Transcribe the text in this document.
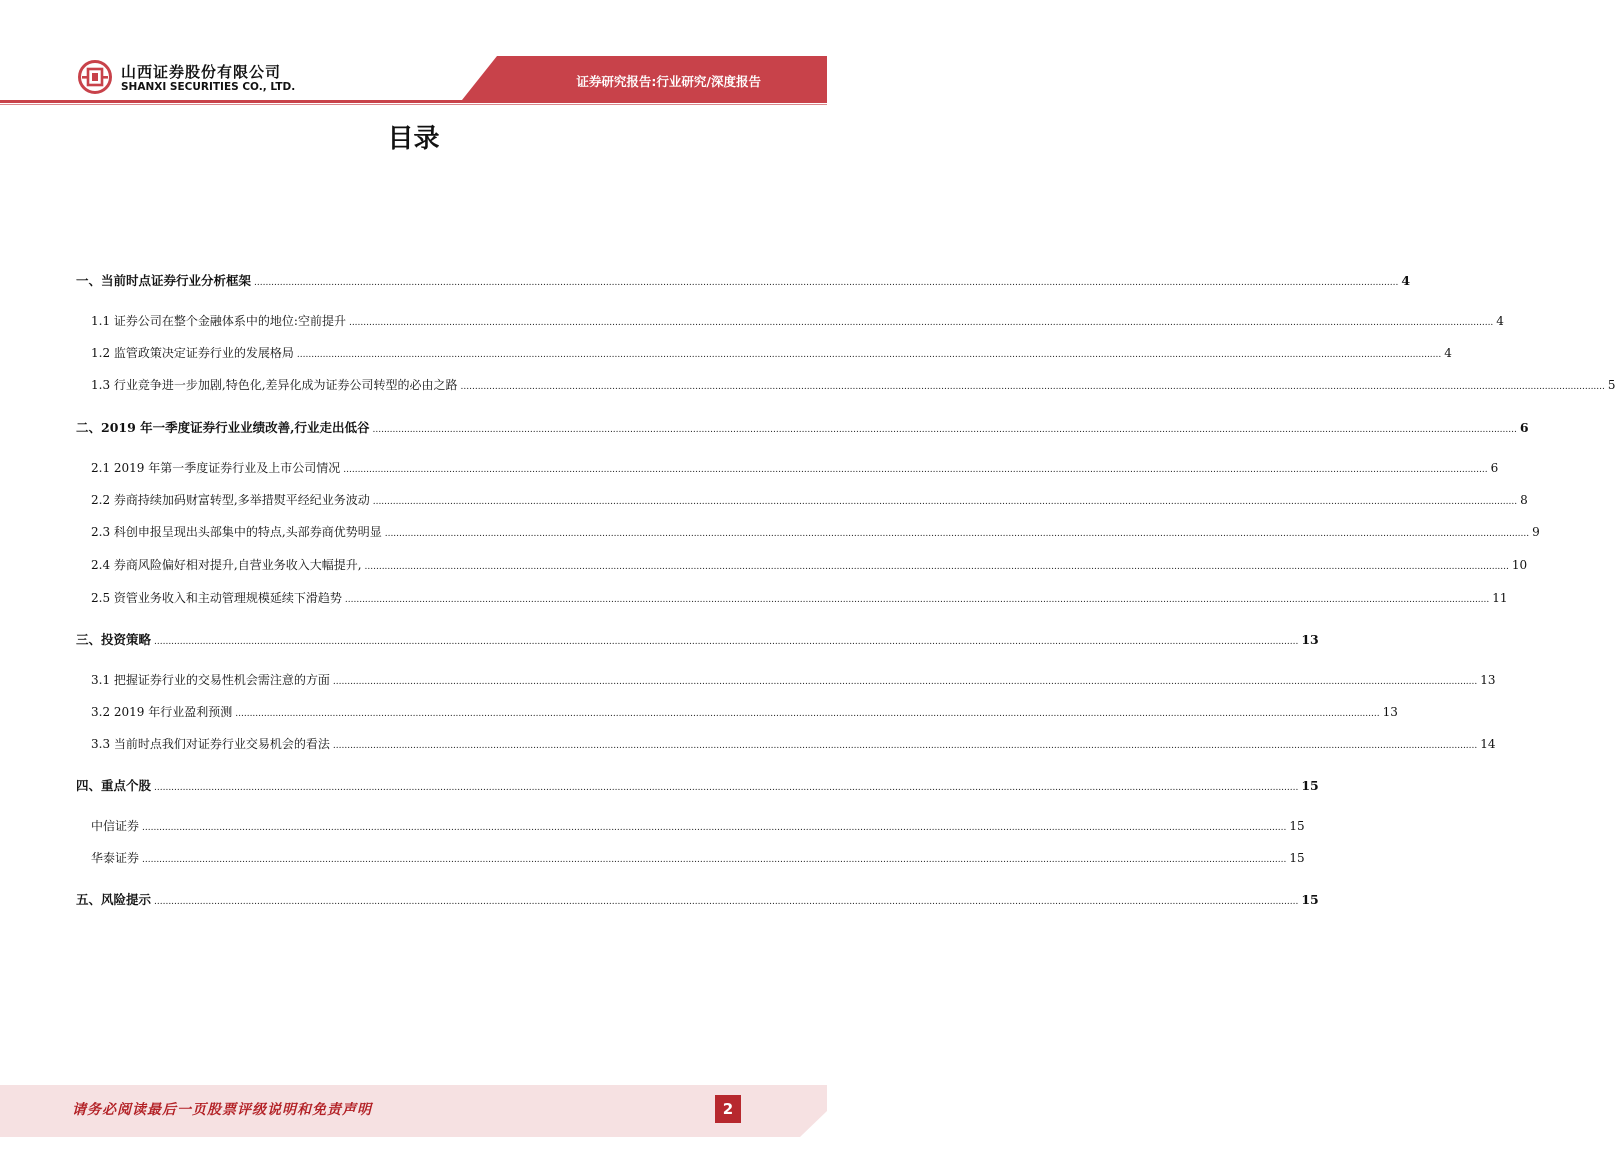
山西证券股份有限公司
SHANXI SECURITIES CO., LTD.	证券研究报告:行业研究/深度报告
目录
一、当前时点证券行业分析框架 ................................................................................................................................................................................................................................................................................................................................................................................................................ 4
1.1 证券公司在整个金融体系中的地位:空前提升 ................................................................................................................................................................................................................................................................................................................................................................................................................ 4
1.2 监管政策决定证券行业的发展格局 ................................................................................................................................................................................................................................................................................................................................................................................................................ 4
1.3 行业竞争进一步加剧,特色化,差异化成为证券公司转型的必由之路 ................................................................................................................................................................................................................................................................................................................................................................................................................ 5
二、2019 年一季度证券行业业绩改善,行业走出低谷 ................................................................................................................................................................................................................................................................................................................................................................................................................ 6
2.1 2019 年第一季度证券行业及上市公司情况 ................................................................................................................................................................................................................................................................................................................................................................................................................ 6
2.2 券商持续加码财富转型,多举措熨平经纪业务波动 ................................................................................................................................................................................................................................................................................................................................................................................................................ 8
2.3 科创申报呈现出头部集中的特点,头部券商优势明显 ................................................................................................................................................................................................................................................................................................................................................................................................................ 9
2.4 券商风险偏好相对提升,自营业务收入大幅提升, ................................................................................................................................................................................................................................................................................................................................................................................................................ 10
2.5 资管业务收入和主动管理规模延续下滑趋势 ................................................................................................................................................................................................................................................................................................................................................................................................................ 11
三、投资策略 ................................................................................................................................................................................................................................................................................................................................................................................................................ 13
3.1 把握证券行业的交易性机会需注意的方面 ................................................................................................................................................................................................................................................................................................................................................................................................................ 13
3.2 2019 年行业盈利预测 ................................................................................................................................................................................................................................................................................................................................................................................................................ 13
3.3 当前时点我们对证券行业交易机会的看法 ................................................................................................................................................................................................................................................................................................................................................................................................................ 14
四、重点个股 ................................................................................................................................................................................................................................................................................................................................................................................................................ 15
中信证券 ................................................................................................................................................................................................................................................................................................................................................................................................................ 15
华泰证券 ................................................................................................................................................................................................................................................................................................................................................................................................................ 15
五、风险提示 ................................................................................................................................................................................................................................................................................................................................................................................................................ 15
请务必阅读最后一页股票评级说明和免责声明	2
